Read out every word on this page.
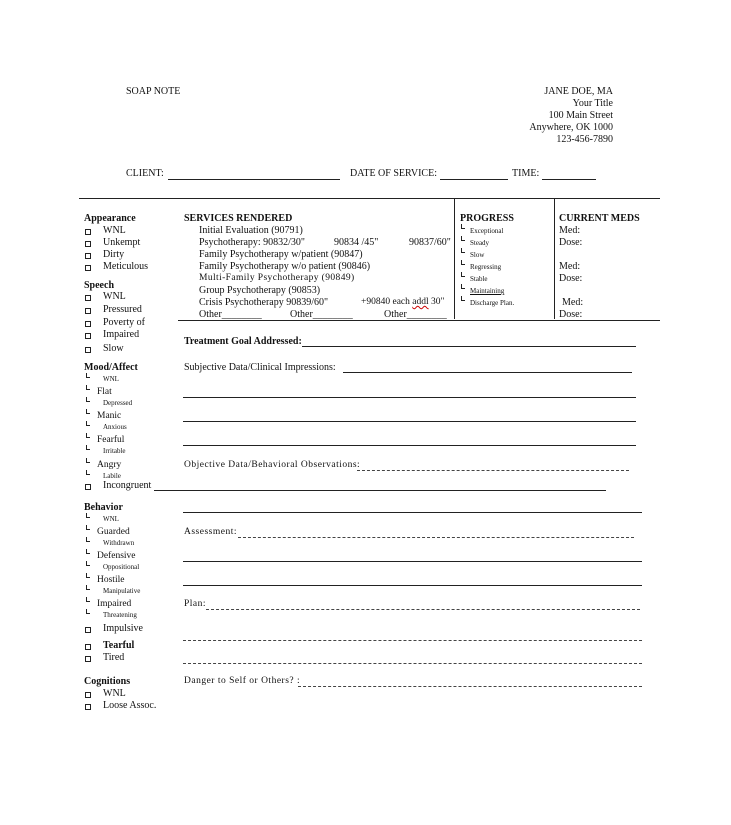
SOAP NOTE	JANE DOE, MA
Your Title
100 Main Street
Anywhere, OK 1000
123-456-7890
CLIENT:	DATE OF SERVICE:	TIME:
Appearance
WNL
Unkempt
Dirty
Meticulous
Speech
WNL
Pressured
Poverty of
Impaired
Slow
Mood/Affect
WNL
Flat
Depressed
Manic
Anxious
Fearful
Irritable
Angry
Labile
Incongruent
Behavior
WNL
Guarded
Withdrawn
Defensive
Oppositional
Hostile
Manipulative
Impaired
Threatening
Impulsive
Tearful
Tired
Cognitions
WNL
Loose Assoc.
SERVICES RENDERED
Initial Evaluation (90791)
Psychotherapy: 90832/30"	90834 /45"	90837/60"
Family Psychotherapy w/patient (90847)
Family Psychotherapy w/o patient (90846)
Multi-Family Psychotherapy (90849)
Group Psychotherapy (90853)
Crisis Psychotherapy 90839/60"	+90840 each addl 30"
Other________	Other________	Other________
PROGRESS
Exceptional
Steady
Slow
Regressing
Stable
Maintaining
Discharge Plan.
CURRENT MEDS
Med:
Dose:
Med:
Dose:
Med:
Dose:
Treatment Goal Addressed:
Subjective Data/Clinical Impressions:
Objective Data/Behavioral Observations:
Assessment:
Plan:
Danger to Self or Others? :
